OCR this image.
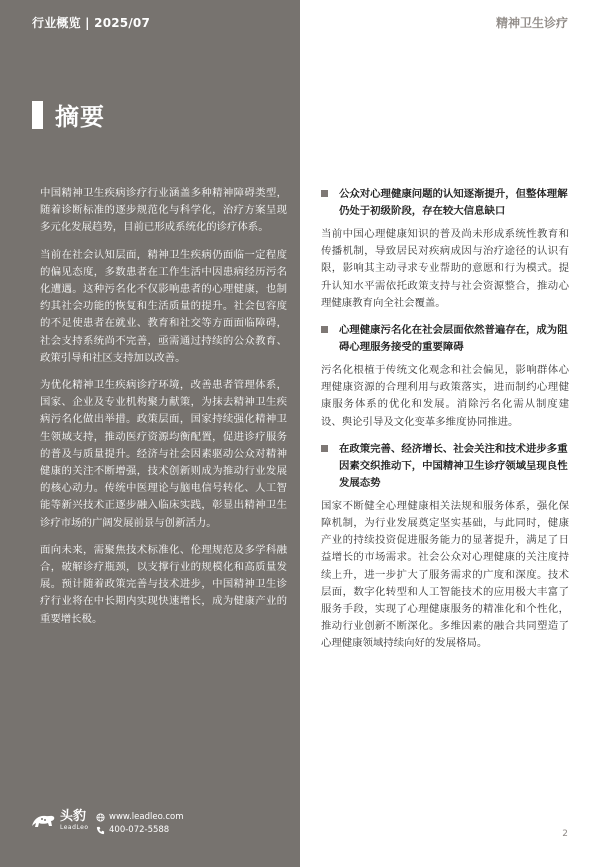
行业概览 | 2025/07	精神卫生诊疗
摘要

中国精神卫生疾病诊疗行业涵盖多种精神障碍类型，随着诊断标准的逐步规范化与科学化，治疗方案呈现多元化发展趋势，目前已形成系统化的诊疗体系。

当前在社会认知层面，精神卫生疾病仍面临一定程度的偏见态度，多数患者在工作生活中因患病经历污名化遭遇。这种污名化不仅影响患者的心理健康，也制约其社会功能的恢复和生活质量的提升。社会包容度的不足使患者在就业、教育和社交等方面面临障碍，社会支持系统尚不完善，亟需通过持续的公众教育、政策引导和社区支持加以改善。

为优化精神卫生疾病诊疗环境，改善患者管理体系，国家、企业及专业机构聚力献策，为抹去精神卫生疾病污名化做出举措。政策层面，国家持续强化精神卫生领域支持，推动医疗资源均衡配置，促进诊疗服务的普及与质量提升。经济与社会因素驱动公众对精神健康的关注不断增强，技术创新则成为推动行业发展的核心动力。传统中医理论与脑电信号转化、人工智能等新兴技术正逐步融入临床实践，彰显出精神卫生诊疗市场的广阔发展前景与创新活力。

面向未来，需聚焦技术标准化、伦理规范及多学科融合，破解诊疗瓶颈，以支撑行业的规模化和高质量发展。预计随着政策完善与技术进步，中国精神卫生诊疗行业将在中长期内实现快速增长，成为健康产业的重要增长极。

公众对心理健康问题的认知逐渐提升，但整体理解仍处于初级阶段，存在较大信息缺口

当前中国心理健康知识的普及尚未形成系统性教育和传播机制，导致居民对疾病成因与治疗途径的认识有限，影响其主动寻求专业帮助的意愿和行为模式。提升认知水平需依托政策支持与社会资源整合，推动心理健康教育向全社会覆盖。

心理健康污名化在社会层面依然普遍存在，成为阻碍心理服务接受的重要障碍

污名化根植于传统文化观念和社会偏见，影响群体心理健康资源的合理利用与政策落实，进而制约心理健康服务体系的优化和发展。消除污名化需从制度建设、舆论引导及文化变革多维度协同推进。

在政策完善、经济增长、社会关注和技术进步多重因素交织推动下，中国精神卫生诊疗领域呈现良性发展态势

国家不断健全心理健康相关法规和服务体系，强化保障机制，为行业发展奠定坚实基础，与此同时，健康产业的持续投资促进服务能力的显著提升，满足了日益增长的市场需求。社会公众对心理健康的关注度持续上升，进一步扩大了服务需求的广度和深度。技术层面，数字化转型和人工智能技术的应用极大丰富了服务手段，实现了心理健康服务的精准化和个性化，推动行业创新不断深化。多维因素的融合共同塑造了心理健康领域持续向好的发展格局。

头豹
LeadLeo
www.leadleo.com
400-072-5588	2
